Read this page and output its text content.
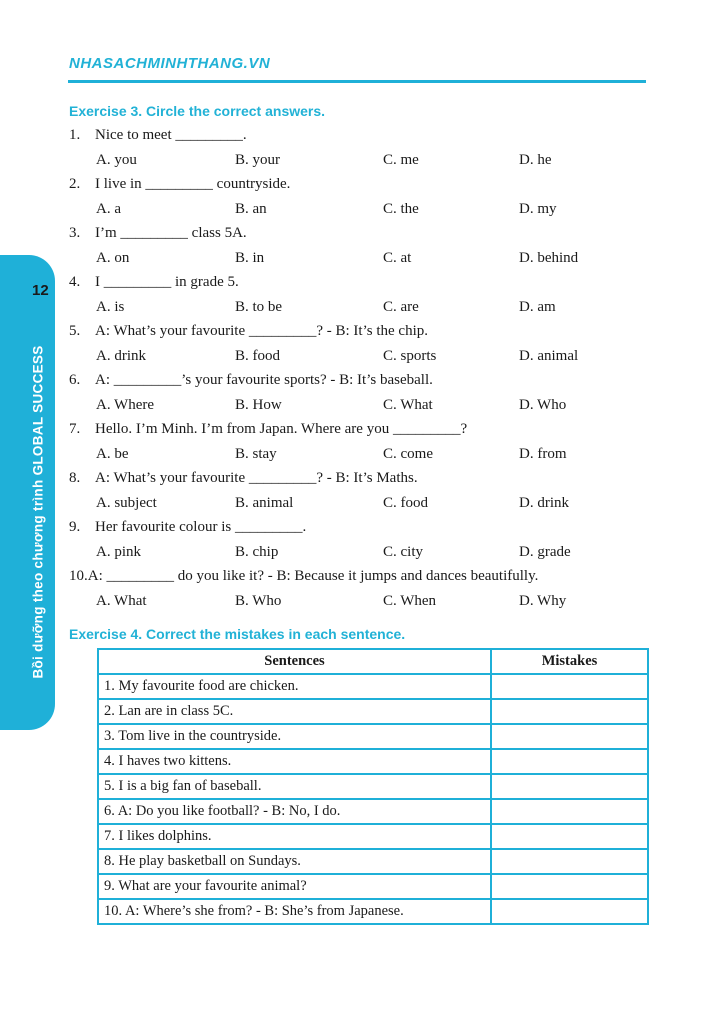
NHASACHMINHTHANG.VN
12
Bồi dưỡng theo chương trình GLOBAL SUCCESS
Exercise 3. Circle the correct answers.
1. Nice to meet _________.
A. you	B. your	C. me	D. he
2. I live in _________ countryside.
A. a	B. an	C. the	D. my
3. I’m _________ class 5A.
A. on	B. in	C. at	D. behind
4. I _________ in grade 5.
A. is	B. to be	C. are	D. am
5. A: What’s your favourite _________? - B: It’s the chip.
A. drink	B. food	C. sports	D. animal
6. A: _________’s your favourite sports? - B: It’s baseball.
A. Where	B. How	C. What	D. Who
7. Hello. I’m Minh. I’m from Japan. Where are you _________?
A. be	B. stay	C. come	D. from
8. A: What’s your favourite _________? - B: It’s Maths.
A. subject	B. animal	C. food	D. drink
9. Her favourite colour is _________.
A. pink	B. chip	C. city	D. grade
10.A: _________ do you like it? - B: Because it jumps and dances beautifully.
A. What	B. Who	C. When	D. Why
Exercise 4. Correct the mistakes in each sentence.
Sentences	Mistakes
1. My favourite food are chicken.	
2. Lan are in class 5C.	
3. Tom live in the countryside.	
4. I haves two kittens.	
5. I is a big fan of baseball.	
6. A: Do you like football? - B: No, I do.	
7. I likes dolphins.	
8. He play basketball on Sundays.	
9. What are your favourite animal?	
10. A: Where’s she from? - B: She’s from Japanese.	
